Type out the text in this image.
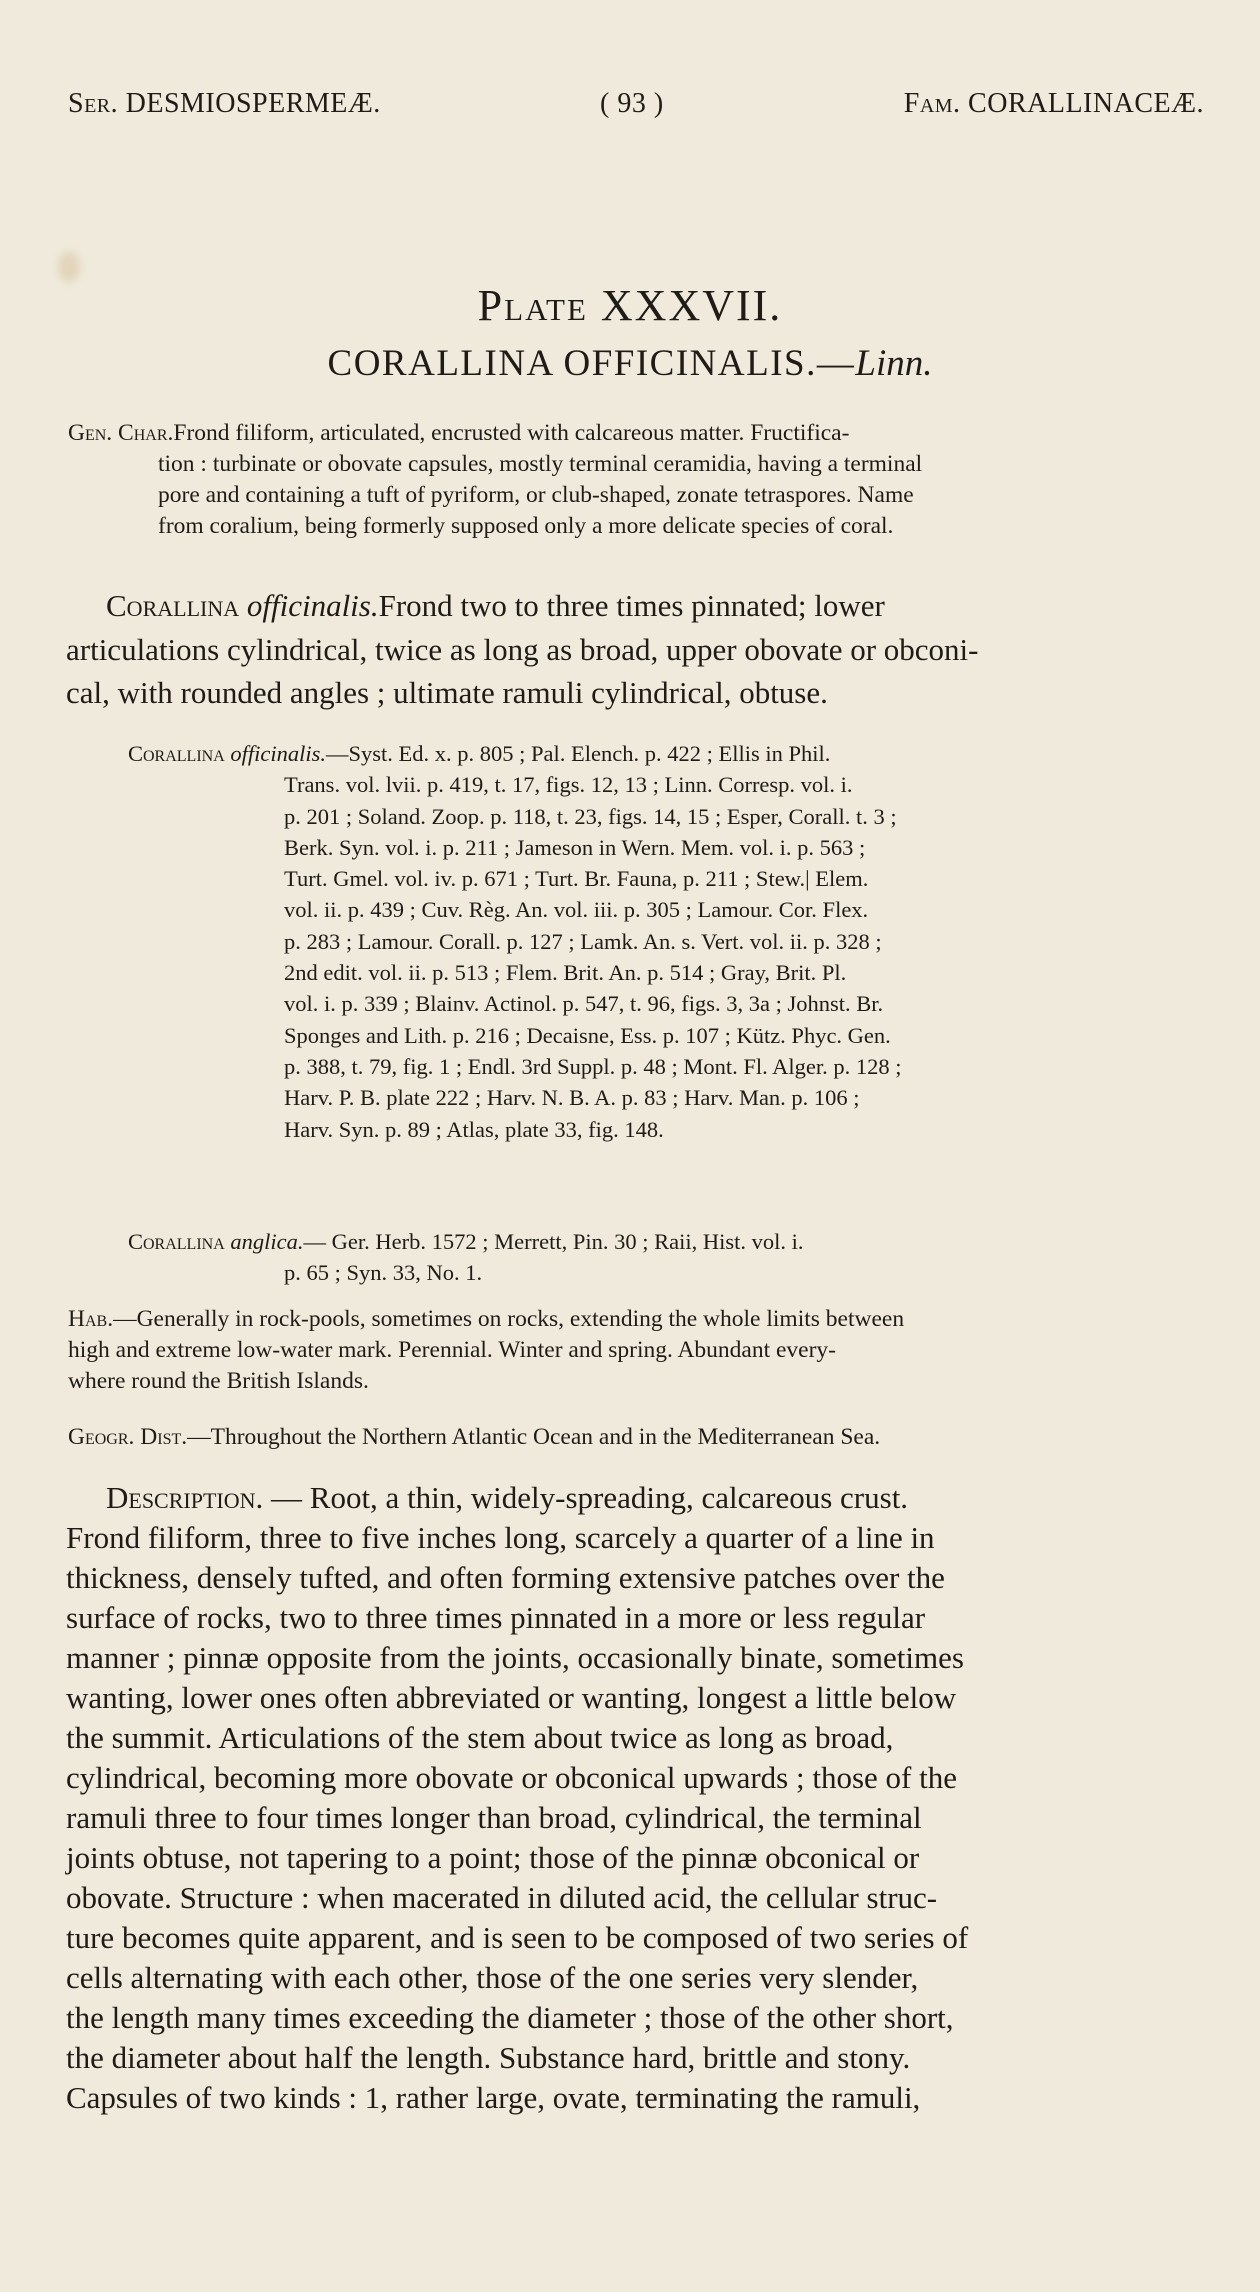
Ser. DESMIOSPERMEÆ.	( 93 )	Fam. CORALLINACEÆ.
Plate XXXVII.
CORALLINA OFFICINALIS.—Linn.
Gen. Char.Frond filiform, articulated, encrusted with calcareous matter. Fructifica-
tion : turbinate or obovate capsules, mostly terminal ceramidia, having a terminal
pore and containing a tuft of pyriform, or club-shaped, zonate tetraspores. Name
from coralium, being formerly supposed only a more delicate species of coral.
Corallina officinalis.Frond two to three times pinnated; lower
articulations cylindrical, twice as long as broad, upper obovate or obconi-
cal, with rounded angles ; ultimate ramuli cylindrical, obtuse.
Corallina officinalis.—Syst. Ed. x. p. 805 ; Pal. Elench. p. 422 ; Ellis in Phil.
Trans. vol. lvii. p. 419, t. 17, figs. 12, 13 ; Linn. Corresp. vol. i.
p. 201 ; Soland. Zoop. p. 118, t. 23, figs. 14, 15 ; Esper, Corall. t. 3 ;
Berk. Syn. vol. i. p. 211 ; Jameson in Wern. Mem. vol. i. p. 563 ;
Turt. Gmel. vol. iv. p. 671 ; Turt. Br. Fauna, p. 211 ; Stew.| Elem.
vol. ii. p. 439 ; Cuv. Règ. An. vol. iii. p. 305 ; Lamour. Cor. Flex.
p. 283 ; Lamour. Corall. p. 127 ; Lamk. An. s. Vert. vol. ii. p. 328 ;
2nd edit. vol. ii. p. 513 ; Flem. Brit. An. p. 514 ; Gray, Brit. Pl.
vol. i. p. 339 ; Blainv. Actinol. p. 547, t. 96, figs. 3, 3a ; Johnst. Br.
Sponges and Lith. p. 216 ; Decaisne, Ess. p. 107 ; Kütz. Phyc. Gen.
p. 388, t. 79, fig. 1 ; Endl. 3rd Suppl. p. 48 ; Mont. Fl. Alger. p. 128 ;
Harv. P. B. plate 222 ; Harv. N. B. A. p. 83 ; Harv. Man. p. 106 ;
Harv. Syn. p. 89 ; Atlas, plate 33, fig. 148.
Corallina anglica.— Ger. Herb. 1572 ; Merrett, Pin. 30 ; Raii, Hist. vol. i.
p. 65 ; Syn. 33, No. 1.
Hab.—Generally in rock-pools, sometimes on rocks, extending the whole limits between
high and extreme low-water mark. Perennial. Winter and spring. Abundant every-
where round the British Islands.
Geogr. Dist.—Throughout the Northern Atlantic Ocean and in the Mediterranean Sea.
Description. — Root, a thin, widely-spreading, calcareous crust.
Frond filiform, three to five inches long, scarcely a quarter of a line in
thickness, densely tufted, and often forming extensive patches over the
surface of rocks, two to three times pinnated in a more or less regular
manner ; pinnæ opposite from the joints, occasionally binate, sometimes
wanting, lower ones often abbreviated or wanting, longest a little below
the summit. Articulations of the stem about twice as long as broad,
cylindrical, becoming more obovate or obconical upwards ; those of the
ramuli three to four times longer than broad, cylindrical, the terminal
joints obtuse, not tapering to a point; those of the pinnæ obconical or
obovate. Structure : when macerated in diluted acid, the cellular struc-
ture becomes quite apparent, and is seen to be composed of two series of
cells alternating with each other, those of the one series very slender,
the length many times exceeding the diameter ; those of the other short,
the diameter about half the length. Substance hard, brittle and stony.
Capsules of two kinds : 1, rather large, ovate, terminating the ramuli,
